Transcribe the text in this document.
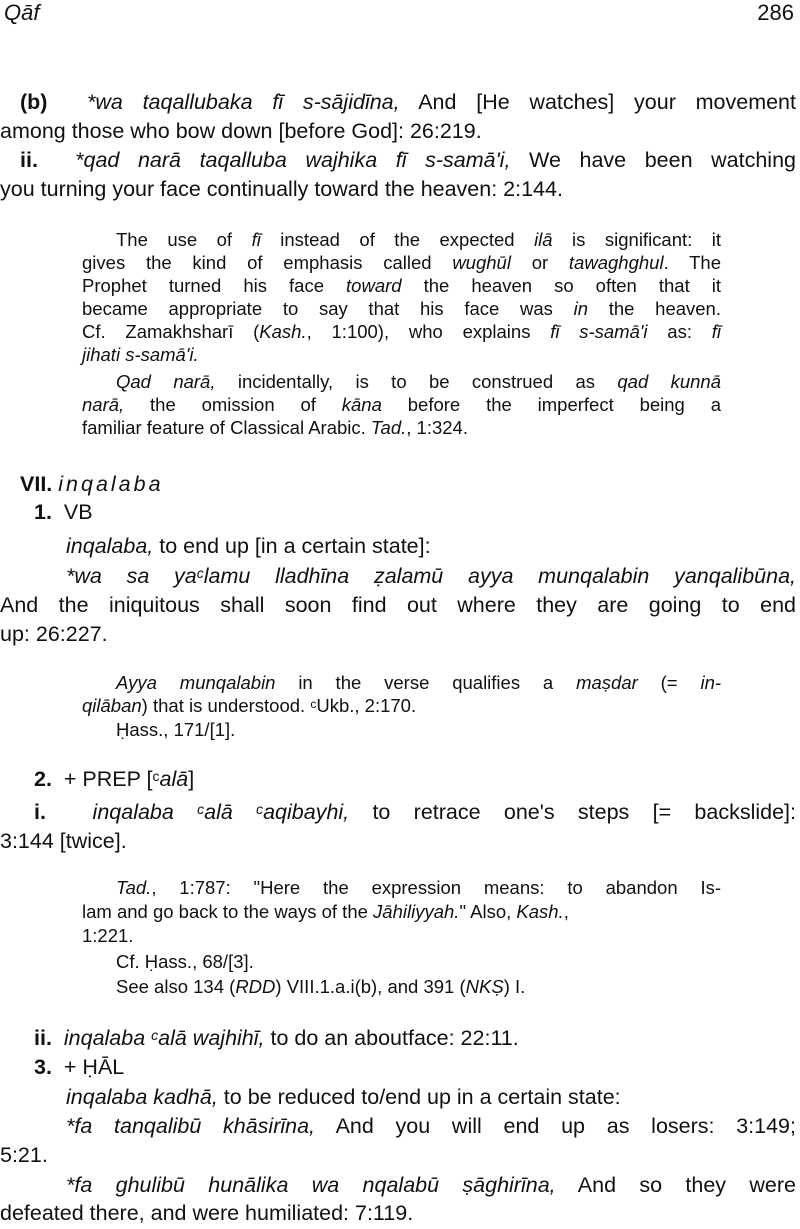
Qāf	286
(b) *wa taqallubaka fī s-sājidīna, And [He watches] your movement
among those who bow down [before God]: 26:219.
ii. *qad narā taqalluba wajhika fī s-samā'i, We have been watching
you turning your face continually toward the heaven: 2:144.
The use of fī instead of the expected ilā is significant: it
gives the kind of emphasis called wughūl or tawaghghul. The
Prophet turned his face toward the heaven so often that it
became appropriate to say that his face was in the heaven.
Cf. Zamakhsharī (Kash., 1:100), who explains fī s-samā'i as: fī
jihati s-samā'i.
Qad narā, incidentally, is to be construed as qad kunnā
narā, the omission of kāna before the imperfect being a
familiar feature of Classical Arabic. Tad., 1:324.
VII. inqalaba
1. VB
inqalaba, to end up [in a certain state]:
*wa sa $ya^clamu$ lladhīna ẓalamū ayya munqalabin yanqalibūna,
And the iniquitous shall soon find out where they are going to end
up: 26:227.
Ayya munqalabin in the verse qualifies a maṣdar (= in-
qilāban) that is understood. $^c$Ukb., 2:170.
Ḥass., 171/[1].
2. + PREP [$^c$alā]
i. inqalaba $^c$alā $^c$aqibayhi, to retrace one's steps [= backslide]:
3:144 [twice].
Tad., 1:787: "Here the expression means: to abandon Is-
lam and go back to the ways of the Jāhiliyyah." Also, Kash.,
1:221.
Cf. Ḥass., 68/[3].
See also 134 (RDD) VIII.1.a.i(b), and 391 (NKṢ) I.
ii. inqalaba $^c$alā wajhihī, to do an aboutface: 22:11.
3. + ḤĀL
inqalaba kadhā, to be reduced to/end up in a certain state:
*fa tanqalibū khāsirīna, And you will end up as losers: 3:149;
5:21.
*fa ghulibū hunālika wa nqalabū ṣāghirīna, And so they were
defeated there, and were humiliated: 7:119.
